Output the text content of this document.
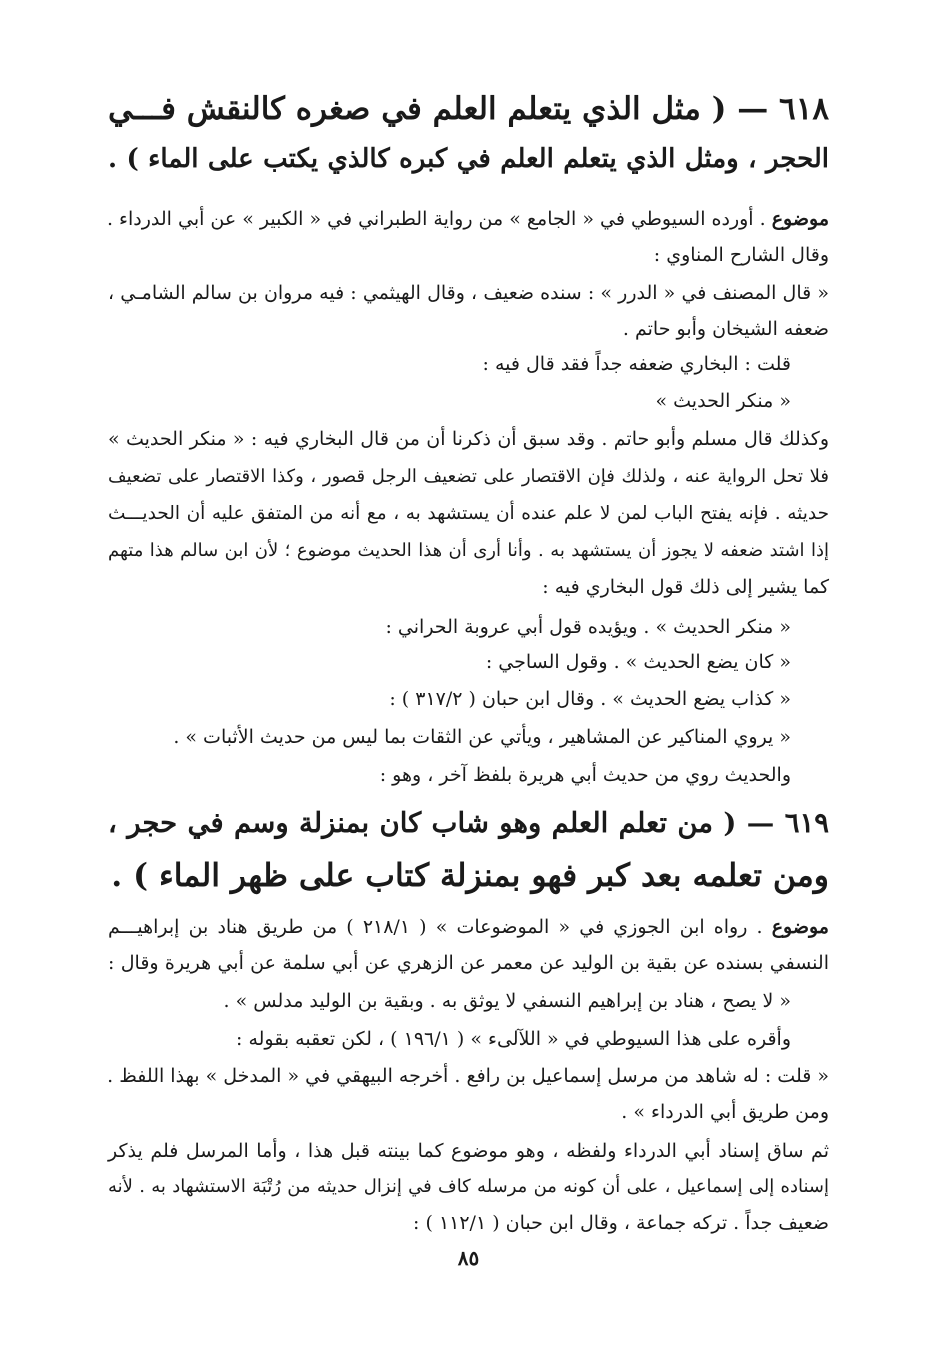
٦١٨ — ( مثل الذي يتعلم العلم في صغره كالنقش فـــي
الحجر ، ومثل الذي يتعلم العلم في كبره كالذي يكتب على الماء ) .
موضوع . أورده السيوطي في « الجامع » من رواية الطبراني في « الكبير » عن أبي الدرداء .
وقال الشارح المناوي :
« قال المصنف في « الدرر » : سنده ضعيف ، وقال الهيثمي : فيه مروان بن سالم الشامـي ،
ضعفه الشيخان وأبو حاتم .
قلت : البخاري ضعفه جداً فقد قال فيه :
« منكر الحديث »
وكذلك قال مسلم وأبو حاتم . وقد سبق أن ذكرنا أن من قال البخاري فيه : « منكر الحديث »
فلا تحل الرواية عنه ، ولذلك فإن الاقتصار على تضعيف الرجل قصور ، وكذا الاقتصار على تضعيف
حديثه . فإنه يفتح الباب لمن لا علم عنده أن يستشهد به ، مع أنه من المتفق عليه أن الحديـــث
إذا اشتد ضعفه لا يجوز أن يستشهد به . وأنا أرى أن هذا الحديث موضوع ؛ لأن ابن سالم هذا متهم
كما يشير إلى ذلك قول البخاري فيه :
« منكر الحديث » . ويؤيده قول أبي عروبة الحراني :
« كان يضع الحديث » . وقول الساجي :
« كذاب يضع الحديث » . وقال ابن حبان ( ٣١٧/٢ ) :
« يروي المناكير عن المشاهير ، ويأتي عن الثقات بما ليس من حديث الأثبات » .
والحديث روي من حديث أبي هريرة بلفظ آخر ، وهو :
٦١٩ — ( من تعلم العلم وهو شاب كان بمنزلة وسم في حجر ،
ومن تعلمه بعد كبر فهو بمنزلة كتاب على ظهر الماء ) .
موضوع . رواه ابن الجوزي في « الموضوعات » ( ٢١٨/١ ) من طريق هناد بن إبراهيـــم
النسفي بسنده عن بقية بن الوليد عن معمر عن الزهري عن أبي سلمة عن أبي هريرة وقال :
« لا يصح ، هناد بن إبراهيم النسفي لا يوثق به . وبقية بن الوليد مدلس » .
وأقره على هذا السيوطي في « اللآلىء » ( ١٩٦/١ ) ، لكن تعقبه بقوله :
« قلت : له شاهد من مرسل إسماعيل بن رافع . أخرجه البيهقي في « المدخل » بهذا اللفظ .
ومن طريق أبي الدرداء » .
ثم ساق إسناد أبي الدرداء ولفظه ، وهو موضوع كما بينته قبل هذا ، وأما المرسل فلم يذكر
إسناده إلى إسماعيل ، على أن كونه من مرسله كاف في إنزال حديثه من رُتْبَة الاستشهاد به . لأنه
ضعيف جداً . تركه جماعة ، وقال ابن حبان ( ١١٢/١ ) :
٨٥
